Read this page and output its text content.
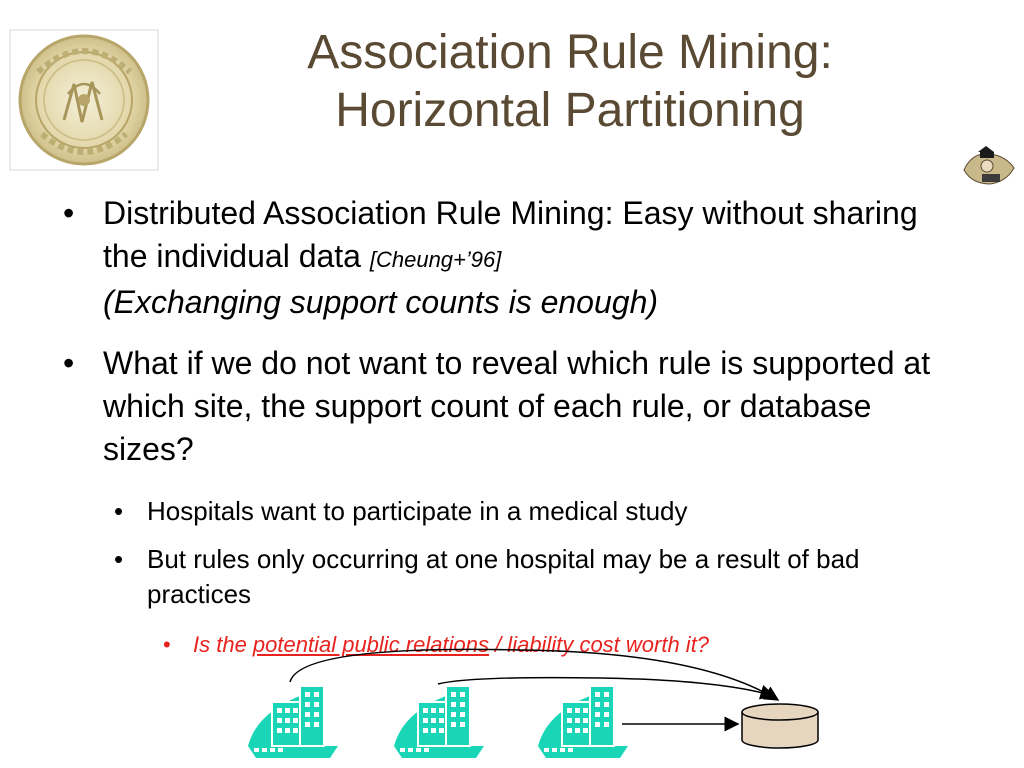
Association Rule Mining:
Horizontal Partitioning
• Distributed Association Rule Mining: Easy without sharing the individual data [Cheung+’96]
(Exchanging support counts is enough)
• What if we do not want to reveal which rule is supported at which site, the support count of each rule, or database sizes?
• Hospitals want to participate in a medical study
• But rules only occurring at one hospital may be a result of bad practices
• Is the potential public relations / liability cost worth it?
